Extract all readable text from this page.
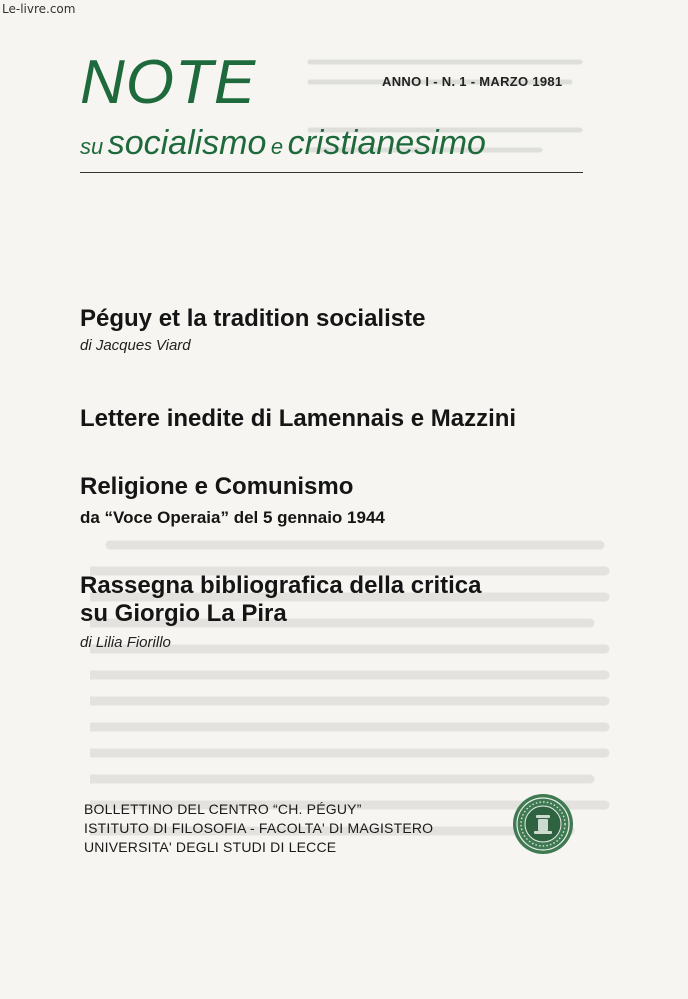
Le-livre.com
NOTE	ANNO I - N. 1 - MARZO 1981
su socialismo e cristianesimo
Péguy et la tradition socialiste
di Jacques Viard
Lettere inedite di Lamennais e Mazzini
Religione e Comunismo
da “Voce Operaia” del 5 gennaio 1944
Rassegna bibliografica della critica
su Giorgio La Pira
di Lilia Fiorillo
BOLLETTINO DEL CENTRO “CH. PÉGUY”
ISTITUTO DI FILOSOFIA - FACOLTA' DI MAGISTERO
UNIVERSITA' DEGLI STUDI DI LECCE
